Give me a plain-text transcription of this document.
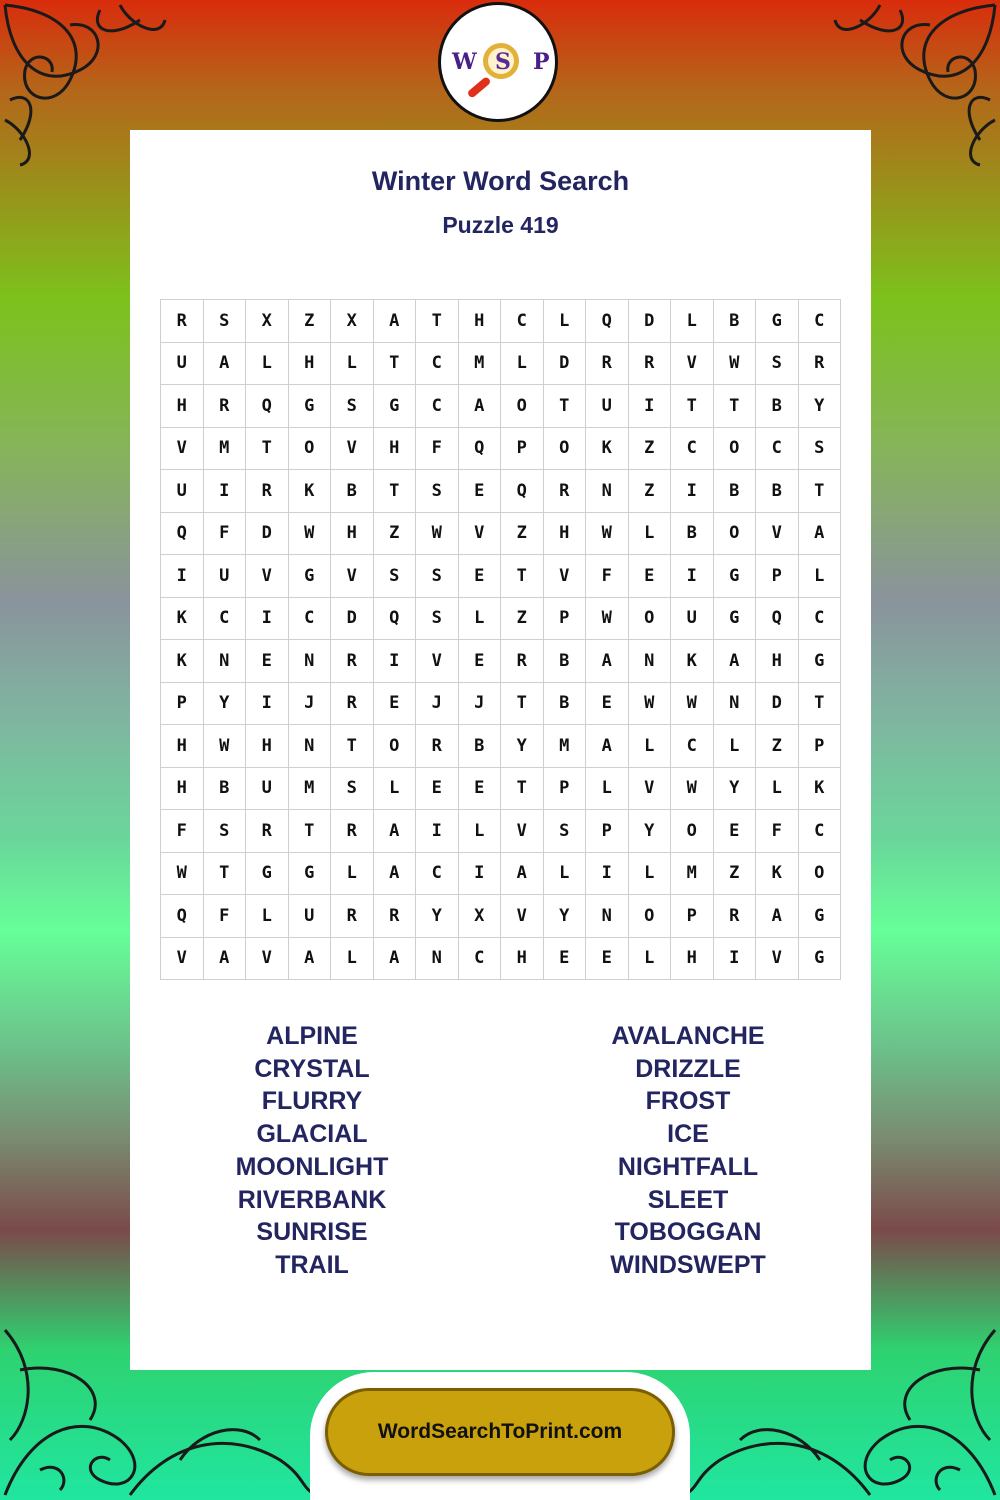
W S P
Winter Word Search
Puzzle 419
R	S	X	Z	X	A	T	H	C	L	Q	D	L	B	G	C
U	A	L	H	L	T	C	M	L	D	R	R	V	W	S	R
H	R	Q	G	S	G	C	A	O	T	U	I	T	T	B	Y
V	M	T	O	V	H	F	Q	P	O	K	Z	C	O	C	S
U	I	R	K	B	T	S	E	Q	R	N	Z	I	B	B	T
Q	F	D	W	H	Z	W	V	Z	H	W	L	B	O	V	A
I	U	V	G	V	S	S	E	T	V	F	E	I	G	P	L
K	C	I	C	D	Q	S	L	Z	P	W	O	U	G	Q	C
K	N	E	N	R	I	V	E	R	B	A	N	K	A	H	G
P	Y	I	J	R	E	J	J	T	B	E	W	W	N	D	T
H	W	H	N	T	O	R	B	Y	M	A	L	C	L	Z	P
H	B	U	M	S	L	E	E	T	P	L	V	W	Y	L	K
F	S	R	T	R	A	I	L	V	S	P	Y	O	E	F	C
W	T	G	G	L	A	C	I	A	L	I	L	M	Z	K	O
Q	F	L	U	R	R	Y	X	V	Y	N	O	P	R	A	G
V	A	V	A	L	A	N	C	H	E	E	L	H	I	V	G
ALPINE
CRYSTAL
FLURRY
GLACIAL
MOONLIGHT
RIVERBANK
SUNRISE
TRAIL
AVALANCHE
DRIZZLE
FROST
ICE
NIGHTFALL
SLEET
TOBOGGAN
WINDSWEPT
WordSearchToPrint.com
